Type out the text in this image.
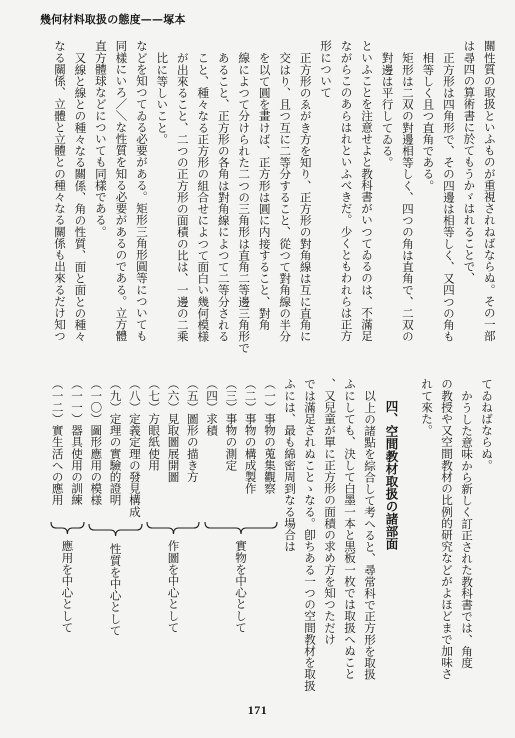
幾何材料取扱の態度——塚本
關性質の取扱といふものが重視されねばならぬ。その一部
は尋四の算術書に於てもうかゞはれることで、
正方形は四角形で、その四邊は相等しく、又四つの角も
相等しく且つ直角である。
矩形は二双の對邊相等しく、四つの角は直角で、二双の
對邊は平行してゐる。
といふことを注意せよと教科書がいつてゐるのは、不滿足
ながらこのあらはれといふべきだ。少くともわれらは正方
形について
正方形のゑがき方を知り、正方形の對角線は互に直角に
交はり、且つ互に二等分すること、從つて對角線の半分
を以て圓を畫けば、正方形は圓に内接すること、對角
線によつて分けられた二つの三角形は直角二等邊三角形で
あること、正方形の各角は對角線によつて二等分される
こと、種々なる正方形の組合せによつて面白い幾何模様
が出來ること、二つの正方形の面積の比は、一邊の二乘
比に等しいこと。
などを知つてゐる必要がある。矩形三角形圓等についても
同樣にいろ／＼な性質を知る必要があるのである。立方體
直方體球などについても同樣である。
又線と線との種々なる關係、角の性質、面と面との種々
なる關係、立體と立體との種々なる關係も出來るだけ知つ
てゐねばならぬ。
かうした意味から新しく訂正された教科書では、角度
の教授や又空間教材の比例的研究などがよほどまで加味さ
れて來た。
四、空間教材取扱の諸部面
以上の諸點を綜合して考へると、尋常科で正方形を取扱
ふにしても、決して白墨一本と黒板一枚では取扱へぬこと
、又兒童が單に正方形の面積の求め方を知つただけ
では滿足されぬことゝなる。卽ちある一つの空間教材を取扱
ふには、最も綿密周到なる場合は
（一）事物の蒐集觀察
（二）事物の構成製作
（三）事物の測定
（四）求積
（五）圖形の描き方
（六）見取圖展開圖
（七）方眼紙使用
（八）定義定理の發見構成
（九）定理の實驗的證明
（一〇）圖形應用の模様
（一一）器具使用の訓練
（一二）實生活への應用
實物を中心として
作圖を中心として
性質を中心として
應用を中心として
171
